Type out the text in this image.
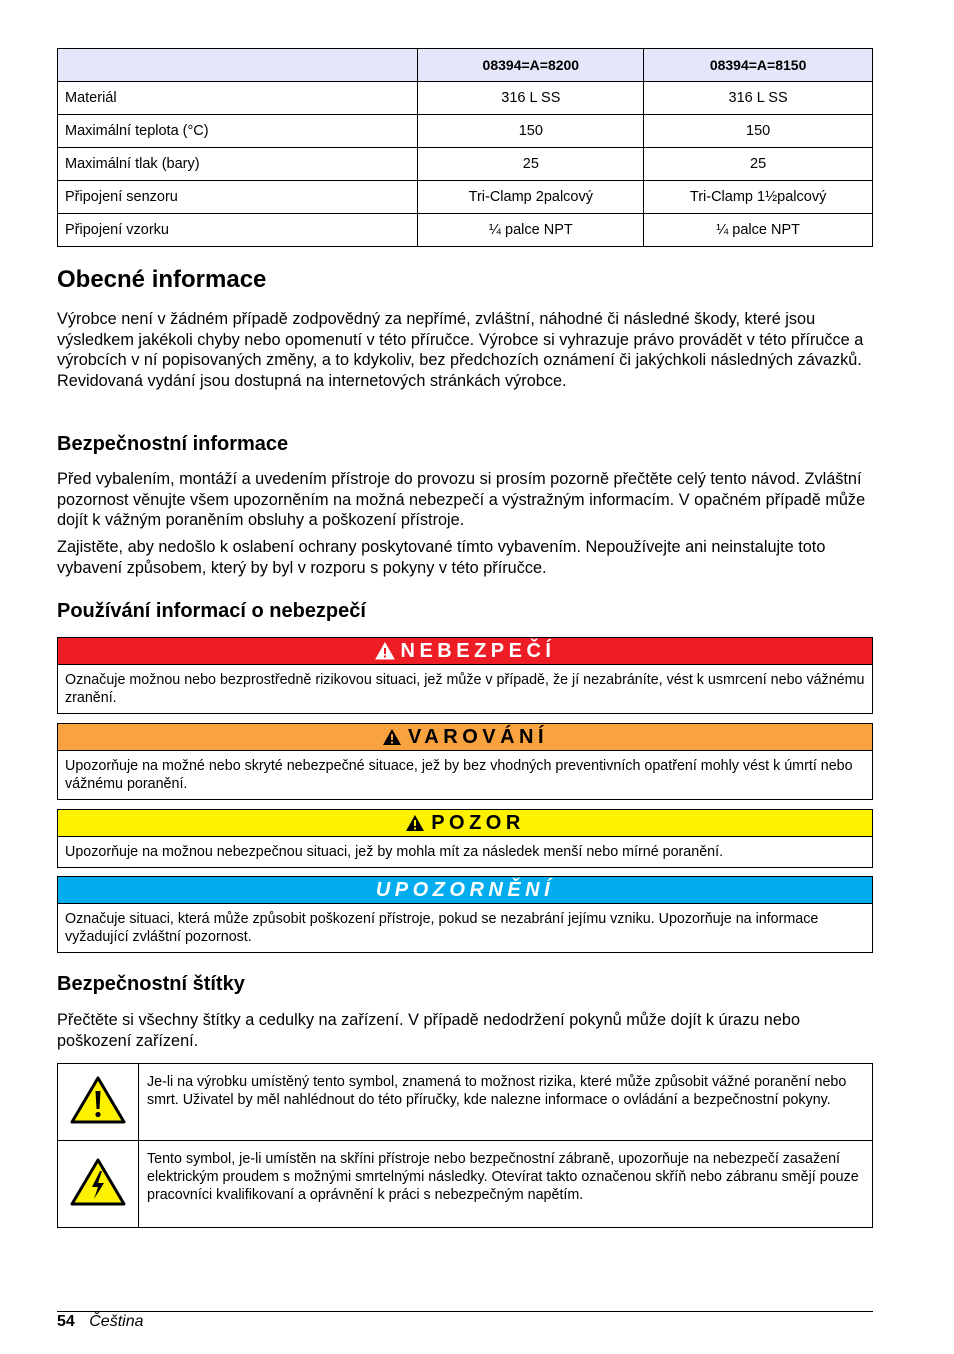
	08394=A=8200	08394=A=8150
Materiál	316 L SS	316 L SS
Maximální teplota (°C)	150	150
Maximální tlak (bary)	25	25
Připojení senzoru	Tri-Clamp 2palcový	Tri-Clamp 1½palcový
Připojení vzorku	¼ palce NPT	¼ palce NPT
Obecné informace

Výrobce není v žádném případě zodpovědný za nepřímé, zvláštní, náhodné či následné škody, které jsou výsledkem jakékoli chyby nebo opomenutí v této příručce. Výrobce si vyhrazuje právo provádět v této příručce a výrobcích v ní popisovaných změny, a to kdykoliv, bez předchozích oznámení či jakýchkoli následných závazků. Revidovaná vydání jsou dostupná na internetových stránkách výrobce.

Bezpečnostní informace

Před vybalením, montáží a uvedením přístroje do provozu si prosím pozorně přečtěte celý tento návod. Zvláštní pozornost věnujte všem upozorněním na možná nebezpečí a výstražným informacím. V opačném případě může dojít k vážným poraněním obsluhy a poškození přístroje.

Zajistěte, aby nedošlo k oslabení ochrany poskytované tímto vybavením. Nepoužívejte ani neinstalujte toto vybavení způsobem, který by byl v rozporu s pokyny v této příručce.

Používání informací o nebezpečí
NEBEZPEČÍ
Označuje možnou nebo bezprostředně rizikovou situaci, jež může v případě, že jí nezabráníte, vést k usmrcení nebo vážnému zranění.
VAROVÁNÍ
Upozorňuje na možné nebo skryté nebezpečné situace, jež by bez vhodných preventivních opatření mohly vést k úmrtí nebo vážnému poranění.
POZOR
Upozorňuje na možnou nebezpečnou situaci, jež by mohla mít za následek menší nebo mírné poranění.
UPOZORNĚNÍ
Označuje situaci, která může způsobit poškození přístroje, pokud se nezabrání jejímu vzniku. Upozorňuje na informace vyžadující zvláštní pozornost.
Bezpečnostní štítky

Přečtěte si všechny štítky a cedulky na zařízení. V případě nedodržení pokynů může dojít k úrazu nebo poškození zařízení.

	Je-li na výrobku umístěný tento symbol, znamená to možnost rizika, které může způsobit vážné poranění nebo smrt. Uživatel by měl nahlédnout do této příručky, kde nalezne informace o ovládání a bezpečnostní pokyny.
	Tento symbol, je-li umístěn na skříni přístroje nebo bezpečnostní zábraně, upozorňuje na nebezpečí zasažení elektrickým proudem s možnými smrtelnými následky. Otevírat takto označenou skříň nebo zábranu smějí pouze pracovníci kvalifikovaní a oprávnění k práci s nebezpečným napětím.
54 Čeština
